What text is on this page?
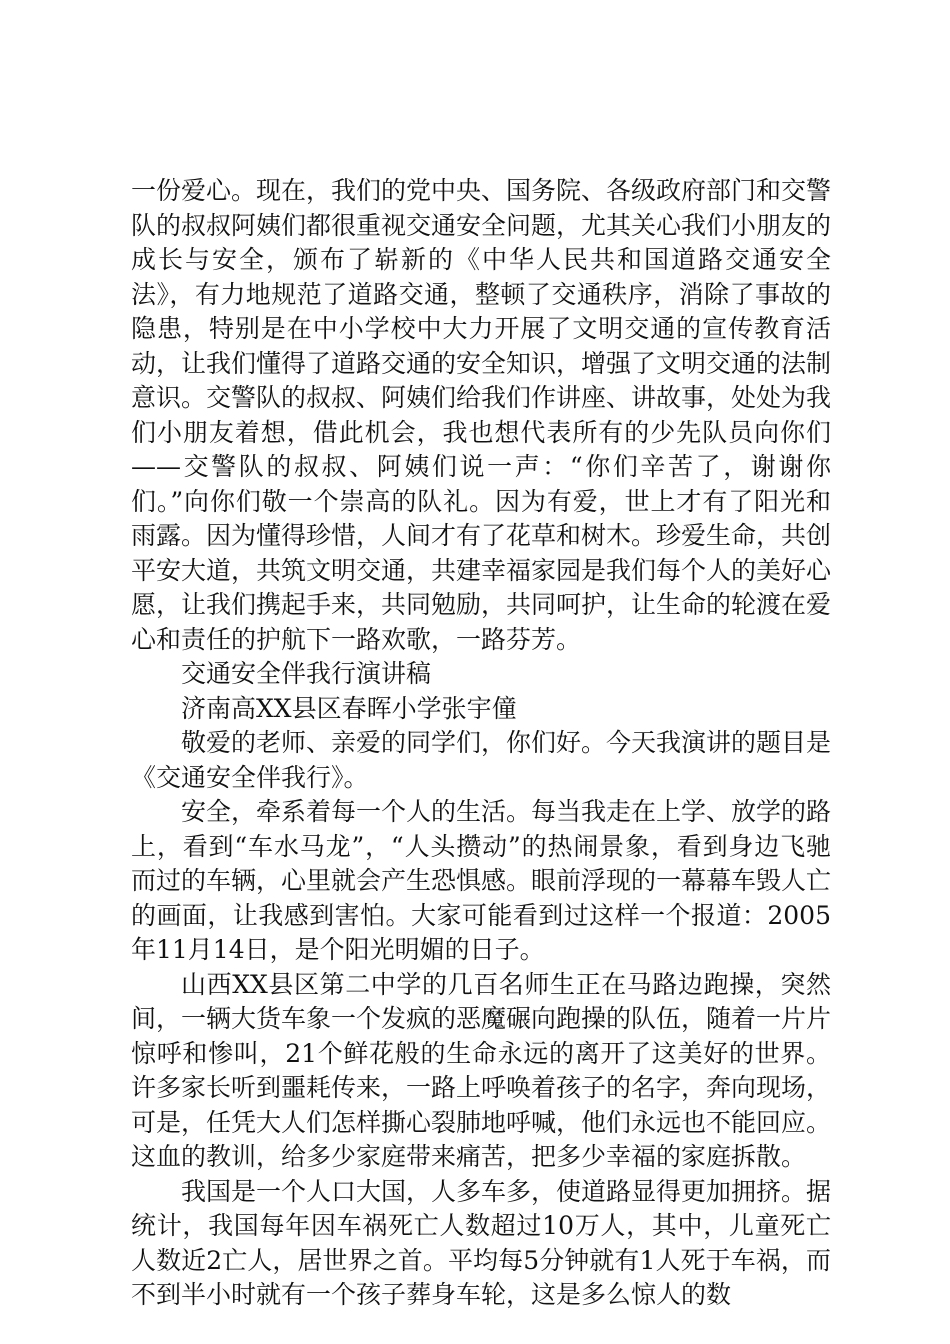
一份爱心。现在，我们的党中央、国务院、各级政府部门和交警队的叔叔阿姨们都很重视交通安全问题，尤其关心我们小朋友的成长与安全，颁布了崭新的《中华人民共和国道路交通安全法》，有力地规范了道路交通，整顿了交通秩序，消除了事故的隐患，特别是在中小学校中大力开展了文明交通的宣传教育活动，让我们懂得了道路交通的安全知识，增强了文明交通的法制意识。交警队的叔叔、阿姨们给我们作讲座、讲故事，处处为我们小朋友着想，借此机会，我也想代表所有的少先队员向你们——交警队的叔叔、阿姨们说一声：“你们辛苦了，谢谢你们。”向你们敬一个崇高的队礼。因为有爱，世上才有了阳光和雨露。因为懂得珍惜，人间才有了花草和树木。珍爱生命，共创平安大道，共筑文明交通，共建幸福家园是我们每个人的美好心愿，让我们携起手来，共同勉励，共同呵护，让生命的轮渡在爱心和责任的护航下一路欢歌，一路芬芳。

交通安全伴我行演讲稿

济南高XX县区春晖小学张宇僮

敬爱的老师、亲爱的同学们，你们好。今天我演讲的题目是《交通安全伴我行》。

安全，牵系着每一个人的生活。每当我走在上学、放学的路上，看到“车水马龙”，“人头攒动”的热闹景象，看到身边飞驰而过的车辆，心里就会产生恐惧感。眼前浮现的一幕幕车毁人亡的画面，让我感到害怕。大家可能看到过这样一个报道：2005年11月14日，是个阳光明媚的日子。

山西XX县区第二中学的几百名师生正在马路边跑操，突然间，一辆大货车象一个发疯的恶魔碾向跑操的队伍，随着一片片惊呼和惨叫，21个鲜花般的生命永远的离开了这美好的世界。许多家长听到噩耗传来，一路上呼唤着孩子的名字，奔向现场，可是，任凭大人们怎样撕心裂肺地呼喊，他们永远也不能回应。这血的教训，给多少家庭带来痛苦，把多少幸福的家庭拆散。

我国是一个人口大国，人多车多，使道路显得更加拥挤。据统计，我国每年因车祸死亡人数超过10万人，其中，儿童死亡人数近2亡人，居世界之首。平均每5分钟就有1人死于车祸，而不到半小时就有一个孩子葬身车轮，这是多么惊人的数
